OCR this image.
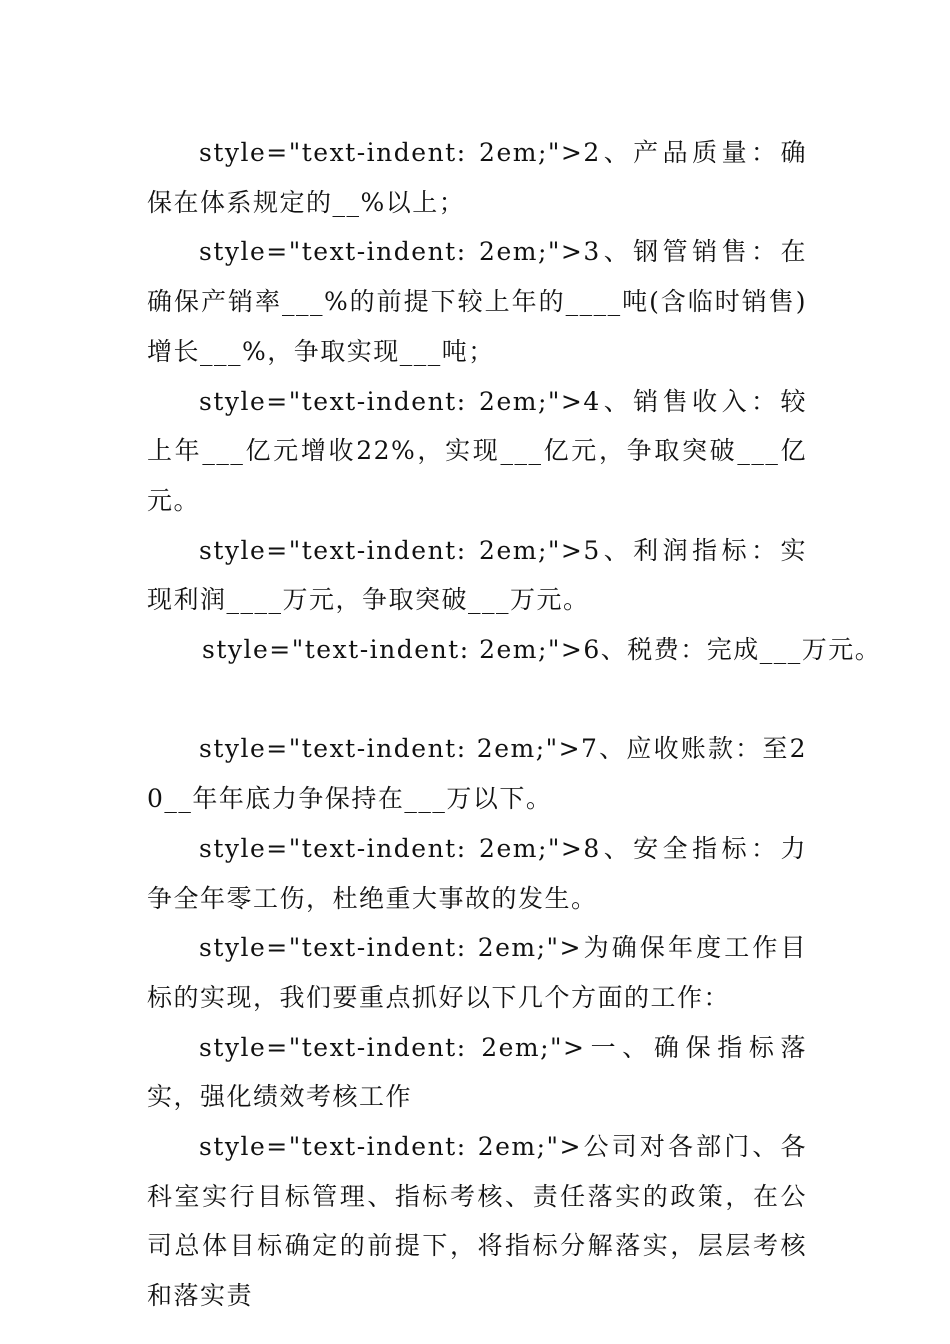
style="text-indent: 2em;">2、产品质量：确保在体系规定的__%以上；

style="text-indent: 2em;">3、钢管销售：在确保产销率___%的前提下较上年的____吨(含临时销售)增长___%，争取实现___吨；

style="text-indent: 2em;">4、销售收入：较上年___亿元增收22%，实现___亿元，争取突破___亿元。

style="text-indent: 2em;">5、利润指标：实现利润____万元，争取突破___万元。

style="text-indent: 2em;">6、税费：完成___万元。

style="text-indent: 2em;">7、应收账款：至20__年年底力争保持在___万以下。

style="text-indent: 2em;">8、安全指标：力争全年零工伤，杜绝重大事故的发生。

style="text-indent: 2em;">为确保年度工作目标的实现，我们要重点抓好以下几个方面的工作：

style="text-indent: 2em;">一、确保指标落实，强化绩效考核工作

style="text-indent: 2em;">公司对各部门、各科室实行目标管理、指标考核、责任落实的政策，在公司总体目标确定的前提下，将指标分解落实，层层考核和落实责
